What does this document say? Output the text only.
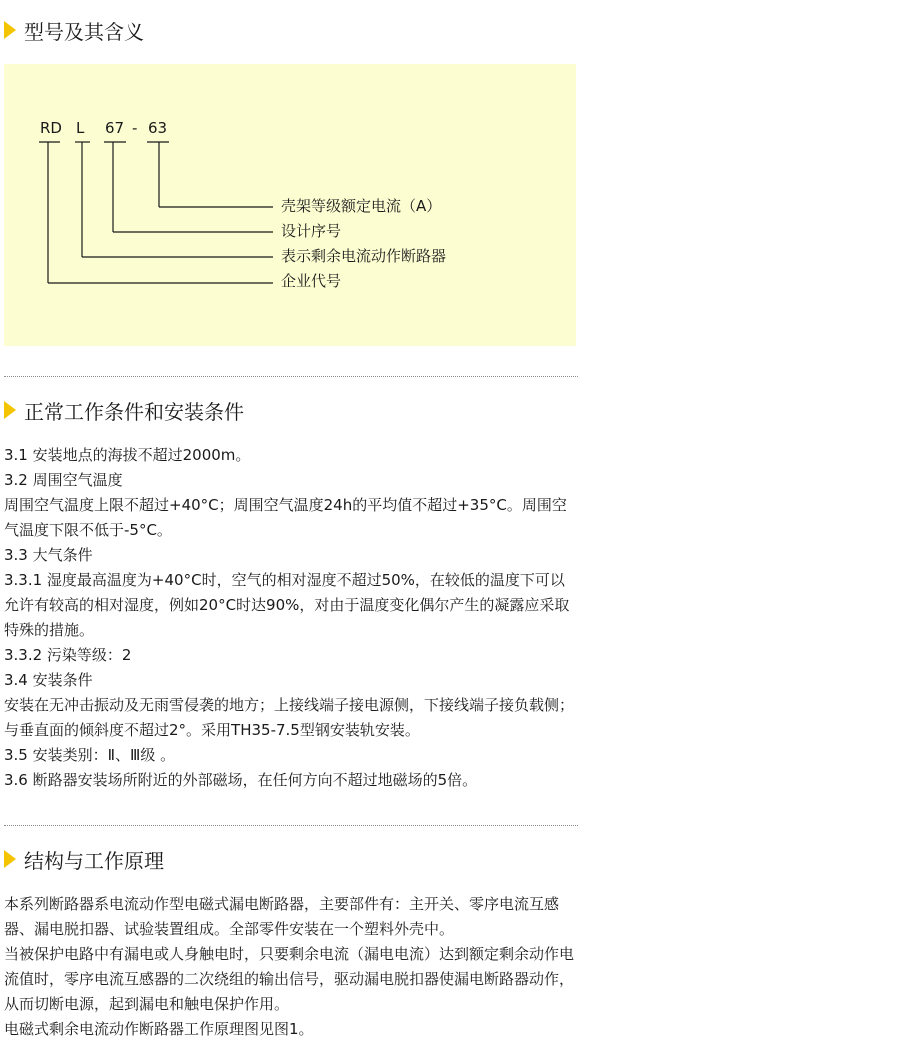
型号及其含义
RD L 67 - 63
壳架等级额定电流（A）
设计序号
表示剩余电流动作断路器
企业代号
正常工作条件和安装条件

3.1 安装地点的海拔不超过2000m。

3.2 周围空气温度

周围空气温度上限不超过+40°C；周围空气温度24h的平均值不超过+35°C。周围空气温度下限不低于-5°C。

3.3 大气条件

3.3.1 湿度最高温度为+40°C时，空气的相对湿度不超过50%，在较低的温度下可以允许有较高的相对湿度，例如20°C时达90%，对由于温度变化偶尔产生的凝露应采取特殊的措施。

3.3.2 污染等级：2

3.4 安装条件

安装在无冲击振动及无雨雪侵袭的地方；上接线端子接电源侧，下接线端子接负载侧；与垂直面的倾斜度不超过2°。采用TH35-7.5型钢安装轨安装。

3.5 安装类别：Ⅱ、Ⅲ级 。

3.6 断路器安装场所附近的外部磁场，在任何方向不超过地磁场的5倍。

结构与工作原理

本系列断路器系电流动作型电磁式漏电断路器，主要部件有：主开关、零序电流互感器、漏电脱扣器、试验装置组成。全部零件安装在一个塑料外壳中。

当被保护电路中有漏电或人身触电时，只要剩余电流（漏电电流）达到额定剩余动作电流值时，零序电流互感器的二次绕组的输出信号，驱动漏电脱扣器使漏电断路器动作，从而切断电源，起到漏电和触电保护作用。

电磁式剩余电流动作断路器工作原理图见图1。
